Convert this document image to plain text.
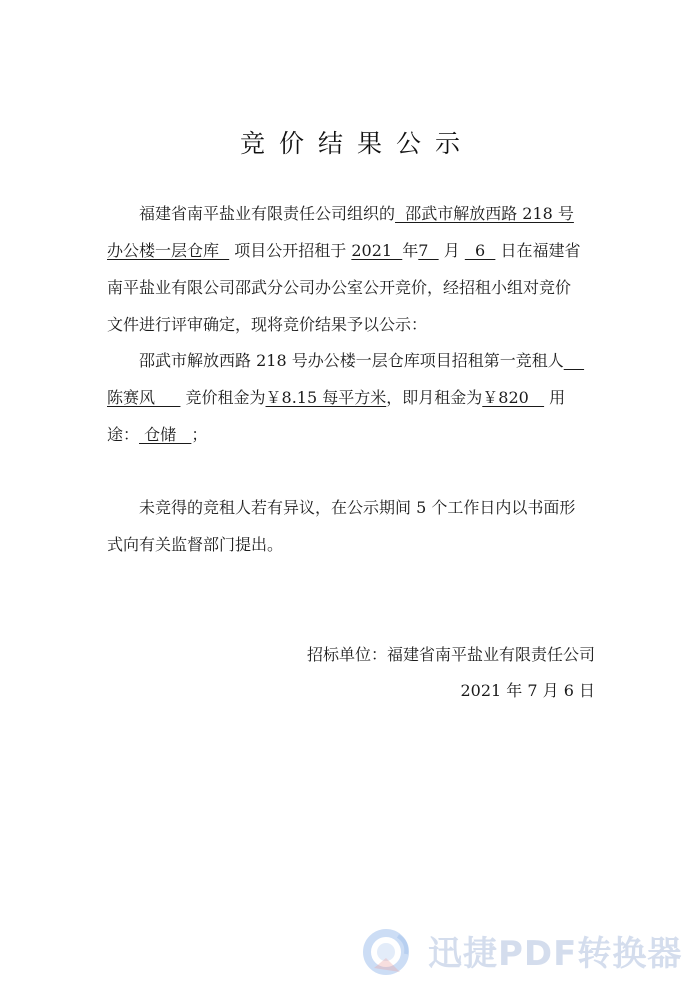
竞价结果公示
福建省南平盐业有限责任公司组织的  邵武市解放西路 218 号
办公楼一层仓库   项目公开招租于 2021  年7   月   6   日在福建省
南平盐业有限公司邵武分公司办公室公开竞价，经招租小组对竞价
文件进行评审确定，现将竞价结果予以公示：
邵武市解放西路 218 号办公楼一层仓库项目招租第一竞租人
陈赛风      竞价租金为￥8.15 每平方米，即月租金为￥820    用
途： 仓储   ；
未竞得的竞租人若有异议，在公示期间 5 个工作日内以书面形
式向有关监督部门提出。
招标单位：福建省南平盐业有限责任公司
2021 年 7 月 6 日
迅捷PDF转换器
